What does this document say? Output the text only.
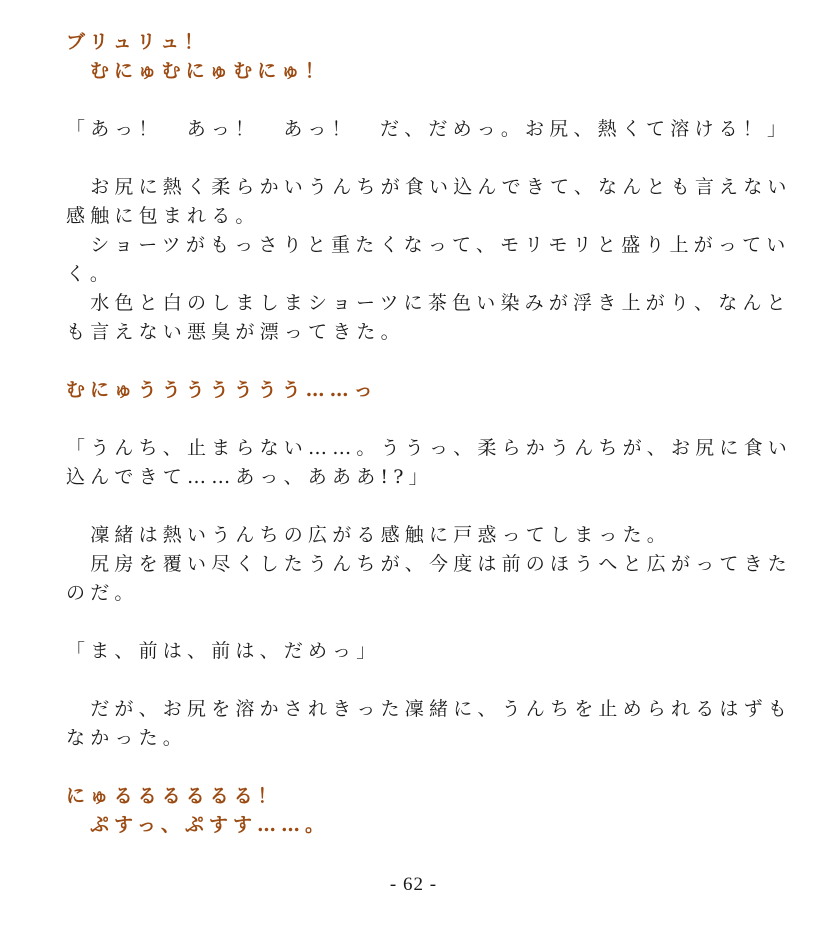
ブリュリュ！
むにゅむにゅむにゅ！
「あっ！　あっ！　あっ！　だ、だめっ。お尻、熱くて溶ける！」
　お尻に熱く柔らかいうんちが食い込んできて、なんとも言えない
感触に包まれる。
　ショーツがもっさりと重たくなって、モリモリと盛り上がってい
く。
　水色と白のしましまショーツに茶色い染みが浮き上がり、なんと
も言えない悪臭が漂ってきた。
むにゅううううううう……っ
「うんち、止まらない……。ううっ、柔らかうんちが、お尻に食い
込んできて……あっ、あああ!?」
　凜緒は熱いうんちの広がる感触に戸惑ってしまった。
　尻房を覆い尽くしたうんちが、今度は前のほうへと広がってきた
のだ。
「ま、前は、前は、だめっ」
　だが、お尻を溶かされきった凜緒に、うんちを止められるはずも
なかった。
にゅるるるるるる！
ぷすっ、ぷすす……。
- 62 -
